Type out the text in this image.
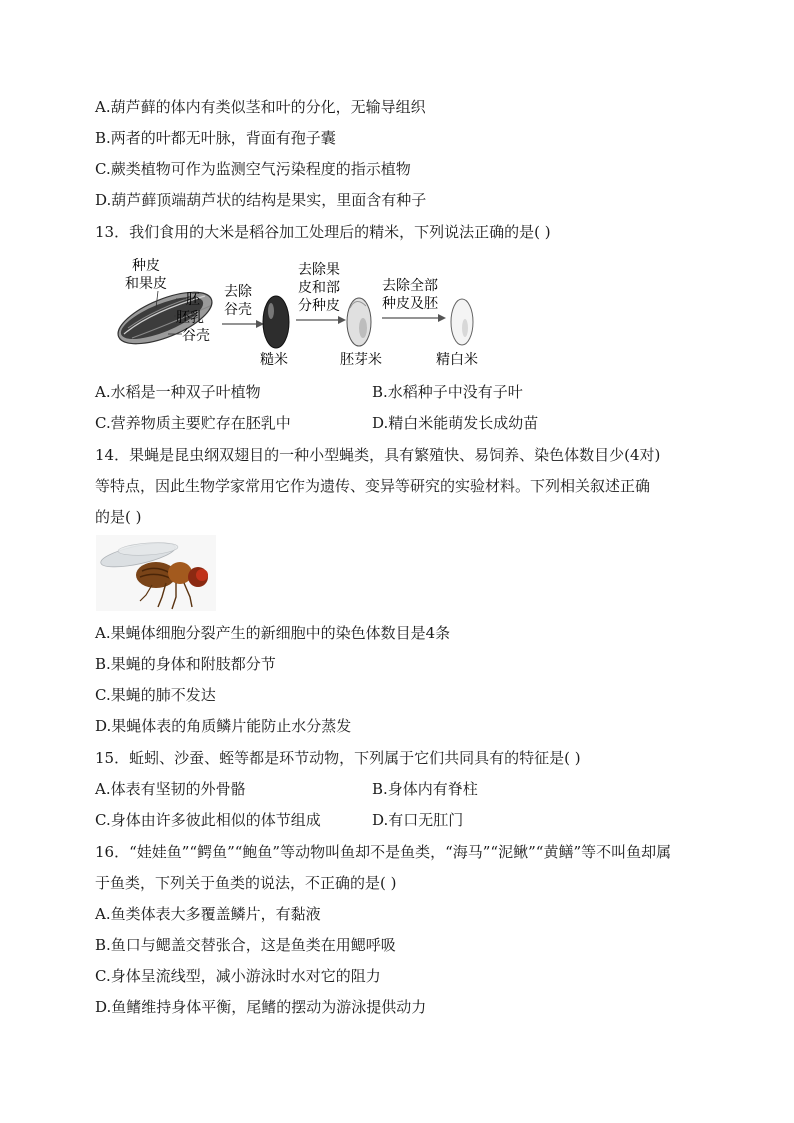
A.葫芦藓的体内有类似茎和叶的分化，无输导组织
B.两者的叶都无叶脉，背面有孢子囊
C.蕨类植物可作为监测空气污染程度的指示植物
D.葫芦藓顶端葫芦状的结构是果实，里面含有种子
13．我们食用的大米是稻谷加工处理后的精米，下列说法正确的是( )
种皮
和果皮
胚
胚乳
谷壳
去除
谷壳
糙米
去除果
皮和部
分种皮
胚芽米
去除全部
种皮及胚
精白米
A.水稻是一种双子叶植物	B.水稻种子中没有子叶
C.营养物质主要贮存在胚乳中	D.精白米能萌发长成幼苗
14．果蝇是昆虫纲双翅目的一种小型蝇类，具有繁殖快、易饲养、染色体数目少(4对)
等特点，因此生物学家常用它作为遗传、变异等研究的实验材料。下列相关叙述正确
的是( )
A.果蝇体细胞分裂产生的新细胞中的染色体数目是4条
B.果蝇的身体和附肢都分节
C.果蝇的肺不发达
D.果蝇体表的角质鳞片能防止水分蒸发
15．蚯蚓、沙蚕、蛭等都是环节动物，下列属于它们共同具有的特征是( )
A.体表有坚韧的外骨骼	B.身体内有脊柱
C.身体由许多彼此相似的体节组成	D.有口无肛门
16．“娃娃鱼”“鳄鱼”“鲍鱼”等动物叫鱼却不是鱼类，“海马”“泥鳅”“黄鳝”等不叫鱼却属
于鱼类，下列关于鱼类的说法，不正确的是( )
A.鱼类体表大多覆盖鳞片，有黏液
B.鱼口与鳃盖交替张合，这是鱼类在用鳃呼吸
C.身体呈流线型，减小游泳时水对它的阻力
D.鱼鳍维持身体平衡，尾鳍的摆动为游泳提供动力
